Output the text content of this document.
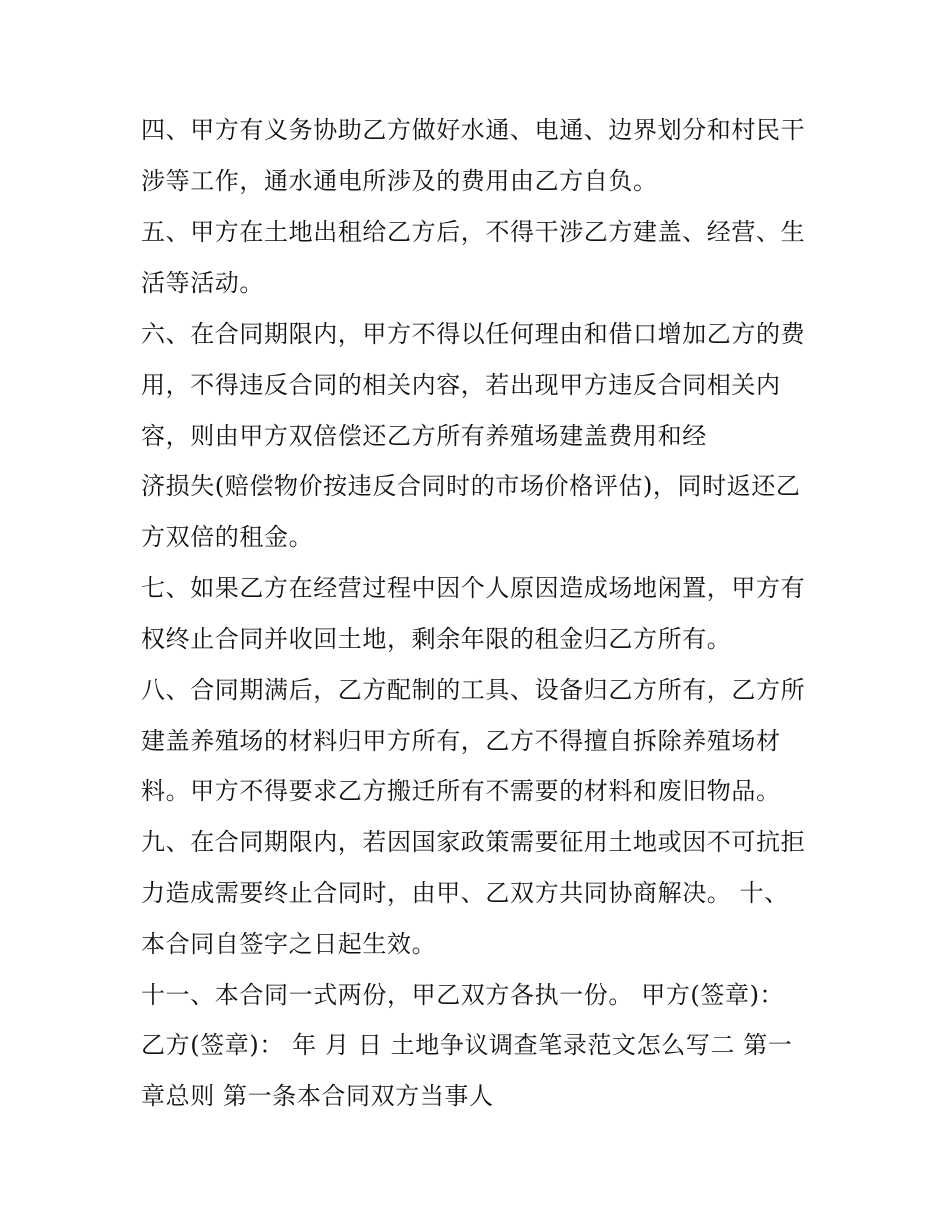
四、甲方有义务协助乙方做好水通、电通、边界划分和村民干
涉等工作，通水通电所涉及的费用由乙方自负。
五、甲方在土地出租给乙方后，不得干涉乙方建盖、经营、生
活等活动。
六、在合同期限内，甲方不得以任何理由和借口增加乙方的费
用，不得违反合同的相关内容，若出现甲方违反合同相关内
容，则由甲方双倍偿还乙方所有养殖场建盖费用和经
济损失(赔偿物价按违反合同时的市场价格评估)，同时返还乙
方双倍的租金。
七、如果乙方在经营过程中因个人原因造成场地闲置，甲方有
权终止合同并收回土地，剩余年限的租金归乙方所有。
八、合同期满后，乙方配制的工具、设备归乙方所有，乙方所
建盖养殖场的材料归甲方所有，乙方不得擅自拆除养殖场材
料。甲方不得要求乙方搬迁所有不需要的材料和废旧物品。
九、在合同期限内，若因国家政策需要征用土地或因不可抗拒
力造成需要终止合同时，由甲、乙双方共同协商解决。 十、
本合同自签字之日起生效。
十一、本合同一式两份，甲乙双方各执一份。 甲方(签章)：
乙方(签章)： 年 月 日 土地争议调查笔录范文怎么写二 第一
章总则 第一条本合同双方当事人
